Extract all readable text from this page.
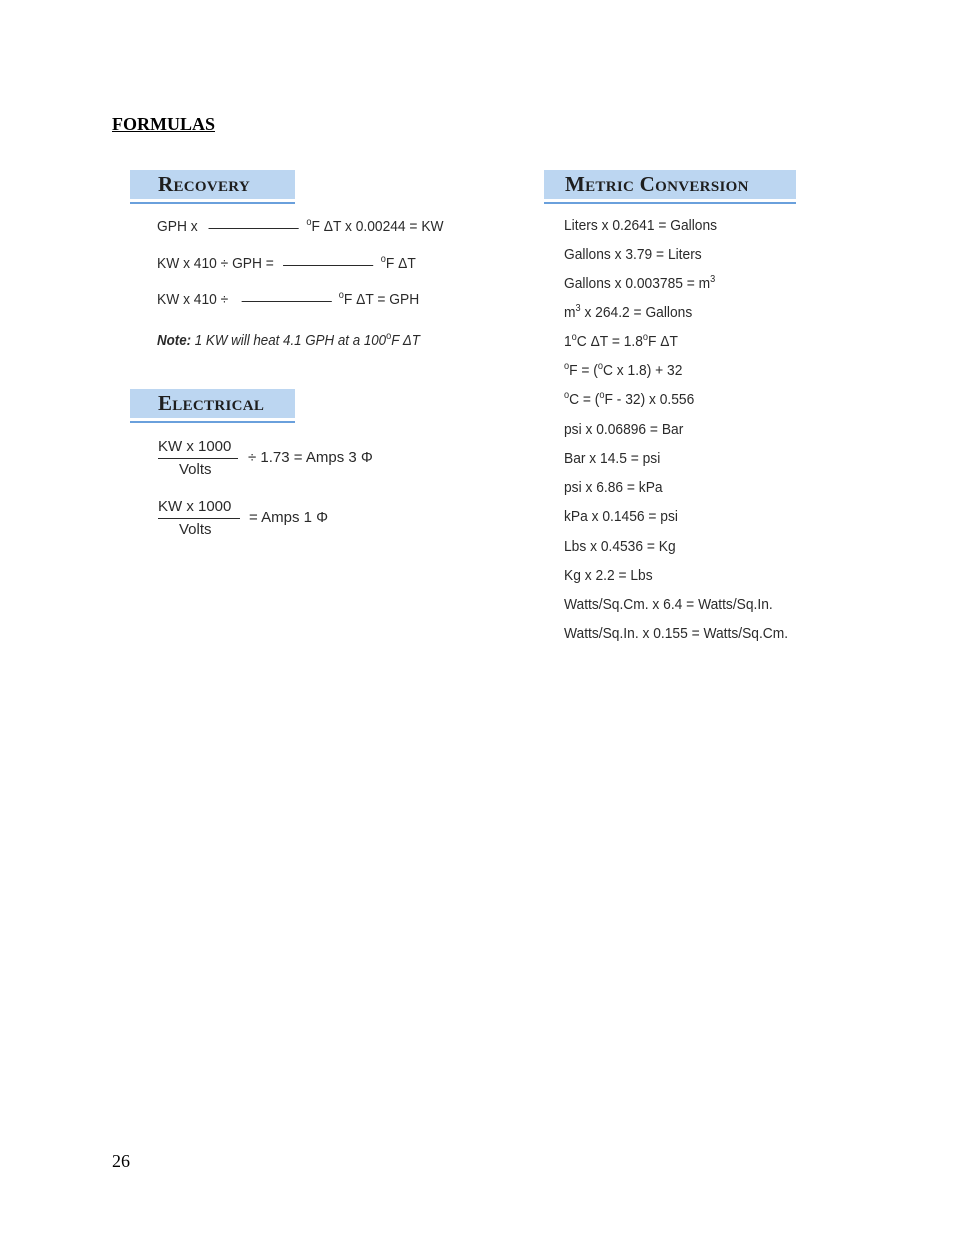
FORMULAS
Recovery
GPH x	$^o$F ΔT x 0.00244 = KW
KW x 410 ÷ GPH =	$^o$F ΔT
KW x 410 ÷	$^o$F ΔT = GPH
Note: 1 KW will heat 4.1 GPH at a 100$^o$F ΔT
Electrical
KW x 1000
Volts
÷ 1.73 = Amps 3 Φ
KW x 1000
Volts
= Amps 1 Φ
Metric Conversion
Liters x 0.2641 = Gallons
Gallons x 3.79 = Liters
Gallons x $0.003785 = m^3$
$m^3$ x 264.2 = Gallons
1$^o$C $\Delta T = 1.8^oF$ ΔT
$^o$F = ($^o$C x 1.8) + 32
$^o$C = ($^o$F - 32) x 0.556
psi x 0.06896 = Bar
Bar x 14.5 = psi
psi x 6.86 = kPa
kPa x 0.1456 = psi
Lbs x 0.4536 = Kg
Kg x 2.2 = Lbs
Watts/Sq.Cm. x 6.4 = Watts/Sq.In.
Watts/Sq.In. x 0.155 = Watts/Sq.Cm.
26
